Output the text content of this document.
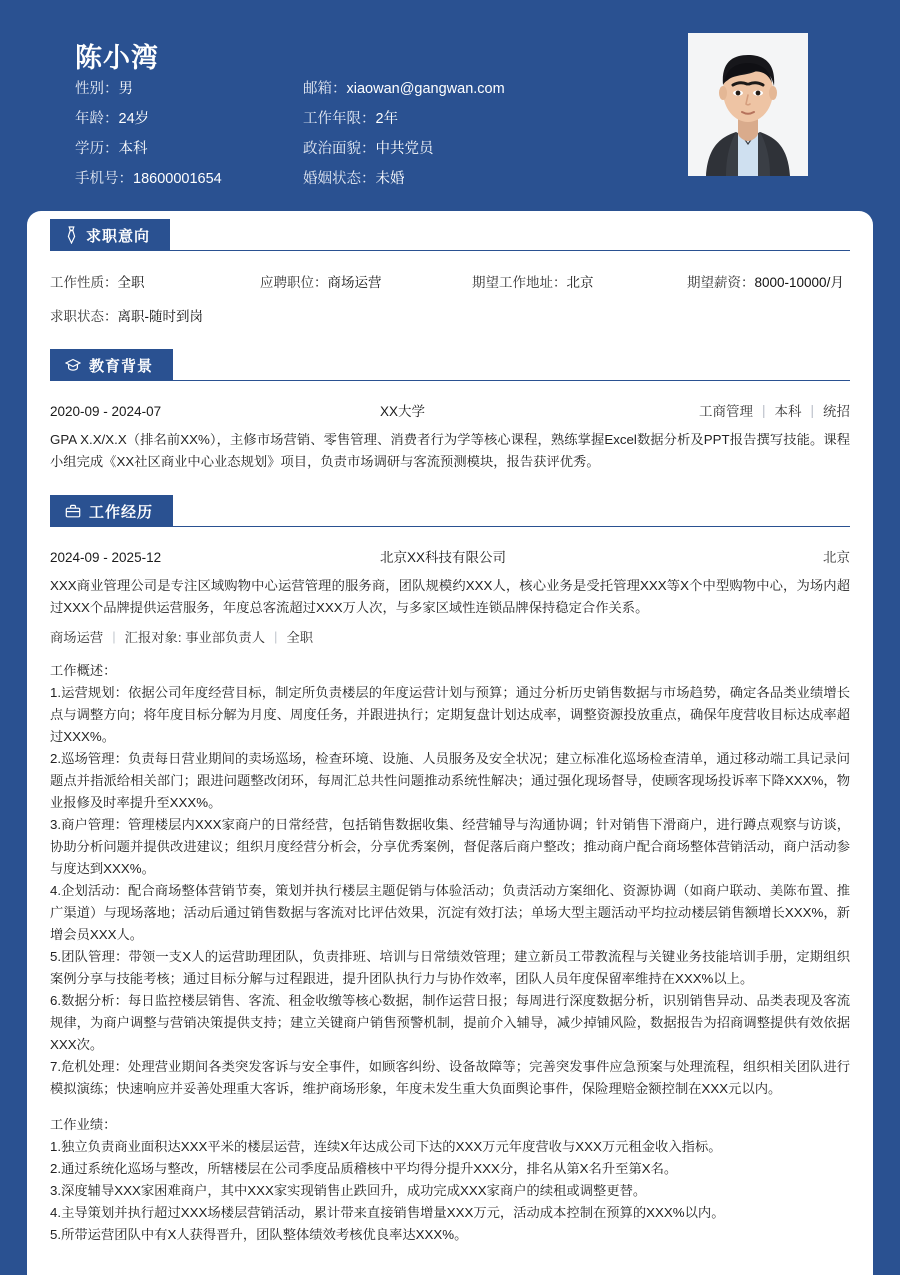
陈小湾
性别：男	邮箱：xiaowan@gangwan.com
年龄：24岁	工作年限：2年
学历：本科	政治面貌：中共党员
手机号：18600001654	婚姻状态：未婚
求职意向
工作性质：全职	应聘职位：商场运营	期望工作地址：北京	期望薪资：8000-10000/月
求职状态：离职-随时到岗
教育背景
2020-09 - 2024-07	XX大学	工商管理 | 本科 | 统招
GPA X.X/X.X（排名前XX%），主修市场营销、零售管理、消费者行为学等核心课程，熟练掌握Excel数据分析及PPT报告撰写技能。课程小组完成《XX社区商业中心业态规划》项目，负责市场调研与客流预测模块，报告获评优秀。
工作经历
2024-09 - 2025-12	北京XX科技有限公司	北京
XXX商业管理公司是专注区域购物中心运营管理的服务商，团队规模约XXX人，核心业务是受托管理XXX等X个中型购物中心，为场内超过XXX个品牌提供运营服务，年度总客流超过XXX万人次，与多家区域性连锁品牌保持稳定合作关系。
商场运营 | 汇报对象: 事业部负责人 | 全职
工作概述：
1.运营规划：依据公司年度经营目标，制定所负责楼层的年度运营计划与预算；通过分析历史销售数据与市场趋势，确定各品类业绩增长点与调整方向；将年度目标分解为月度、周度任务，并跟进执行；定期复盘计划达成率，调整资源投放重点，确保年度营收目标达成率超过XXX%。
2.巡场管理：负责每日营业期间的卖场巡场，检查环境、设施、人员服务及安全状况；建立标准化巡场检查清单，通过移动端工具记录问题点并指派给相关部门；跟进问题整改闭环，每周汇总共性问题推动系统性解决；通过强化现场督导，使顾客现场投诉率下降XXX%，物业报修及时率提升至XXX%。
3.商户管理：管理楼层内XXX家商户的日常经营，包括销售数据收集、经营辅导与沟通协调；针对销售下滑商户，进行蹲点观察与访谈，协助分析问题并提供改进建议；组织月度经营分析会，分享优秀案例，督促落后商户整改；推动商户配合商场整体营销活动，商户活动参与度达到XXX%。
4.企划活动：配合商场整体营销节奏，策划并执行楼层主题促销与体验活动；负责活动方案细化、资源协调（如商户联动、美陈布置、推广渠道）与现场落地；活动后通过销售数据与客流对比评估效果，沉淀有效打法；单场大型主题活动平均拉动楼层销售额增长XXX%，新增会员XXX人。
5.团队管理：带领一支X人的运营助理团队，负责排班、培训与日常绩效管理；建立新员工带教流程与关键业务技能培训手册，定期组织案例分享与技能考核；通过目标分解与过程跟进，提升团队执行力与协作效率，团队人员年度保留率维持在XXX%以上。
6.数据分析：每日监控楼层销售、客流、租金收缴等核心数据，制作运营日报；每周进行深度数据分析，识别销售异动、品类表现及客流规律，为商户调整与营销决策提供支持；建立关键商户销售预警机制，提前介入辅导，减少掉铺风险，数据报告为招商调整提供有效依据XXX次。
7.危机处理：处理营业期间各类突发客诉与安全事件，如顾客纠纷、设备故障等；完善突发事件应急预案与处理流程，组织相关团队进行模拟演练；快速响应并妥善处理重大客诉，维护商场形象，年度未发生重大负面舆论事件，保险理赔金额控制在XXX元以内。
工作业绩：
1.独立负责商业面积达XXX平米的楼层运营，连续X年达成公司下达的XXX万元年度营收与XXX万元租金收入指标。
2.通过系统化巡场与整改，所辖楼层在公司季度品质稽核中平均得分提升XXX分，排名从第X名升至第X名。
3.深度辅导XXX家困难商户，其中XXX家实现销售止跌回升，成功完成XXX家商户的续租或调整更替。
4.主导策划并执行超过XXX场楼层营销活动，累计带来直接销售增量XXX万元，活动成本控制在预算的XXX%以内。
5.所带运营团队中有X人获得晋升，团队整体绩效考核优良率达XXX%。
